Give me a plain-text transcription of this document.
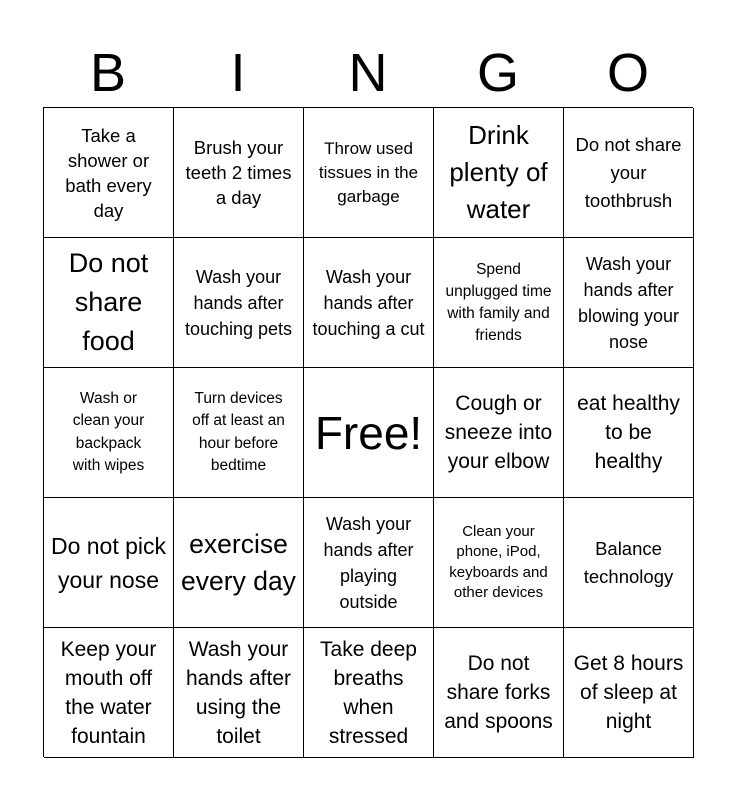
B	I	N	G	O
Take a shower or bath every day
Brush your teeth 2 times a day
Throw used tissues in the garbage
Drink plenty of water
Do not share your toothbrush
Do not share food
Wash your hands after touching pets
Wash your hands after touching a cut
Spend unplugged time with family and friends
Wash your hands after blowing your nose
Wash or clean your backpack with wipes
Turn devices off at least an hour before bedtime
Free!
Cough or sneeze into your elbow
eat healthy to be healthy
Do not pick your nose
exercise every day
Wash your hands after playing outside
Clean your phone, iPod, keyboards and other devices
Balance technology
Keep your mouth off the water fountain
Wash your hands after using the toilet
Take deep breaths when stressed
Do not share forks and spoons
Get 8 hours of sleep at night
